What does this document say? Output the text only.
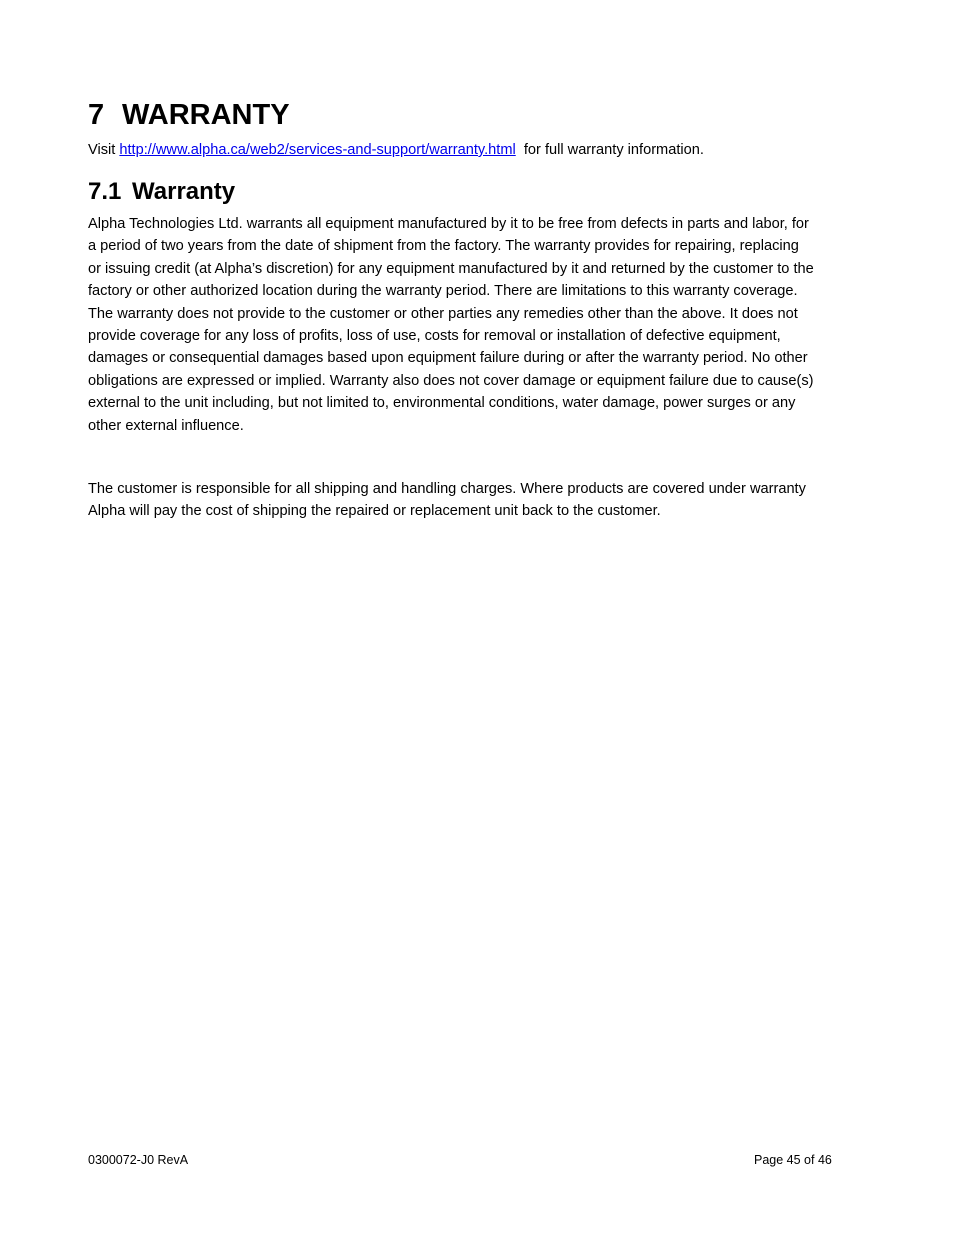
7 WARRANTY

Visit http://www.alpha.ca/web2/services-and-support/warranty.html  for full warranty information.

7.1 Warranty

Alpha Technologies Ltd. warrants all equipment manufactured by it to be free from defects in parts and labor, for
a period of two years from the date of shipment from the factory. The warranty provides for repairing, replacing
or issuing credit (at Alpha’s discretion) for any equipment manufactured by it and returned by the customer to the
factory or other authorized location during the warranty period. There are limitations to this warranty coverage.
The warranty does not provide to the customer or other parties any remedies other than the above. It does not
provide coverage for any loss of profits, loss of use, costs for removal or installation of defective equipment,
damages or consequential damages based upon equipment failure during or after the warranty period. No other
obligations are expressed or implied. Warranty also does not cover damage or equipment failure due to cause(s)
external to the unit including, but not limited to, environmental conditions, water damage, power surges or any
other external influence.

The customer is responsible for all shipping and handling charges. Where products are covered under warranty
Alpha will pay the cost of shipping the repaired or replacement unit back to the customer.

0300072-J0 RevA	Page 45 of 46
